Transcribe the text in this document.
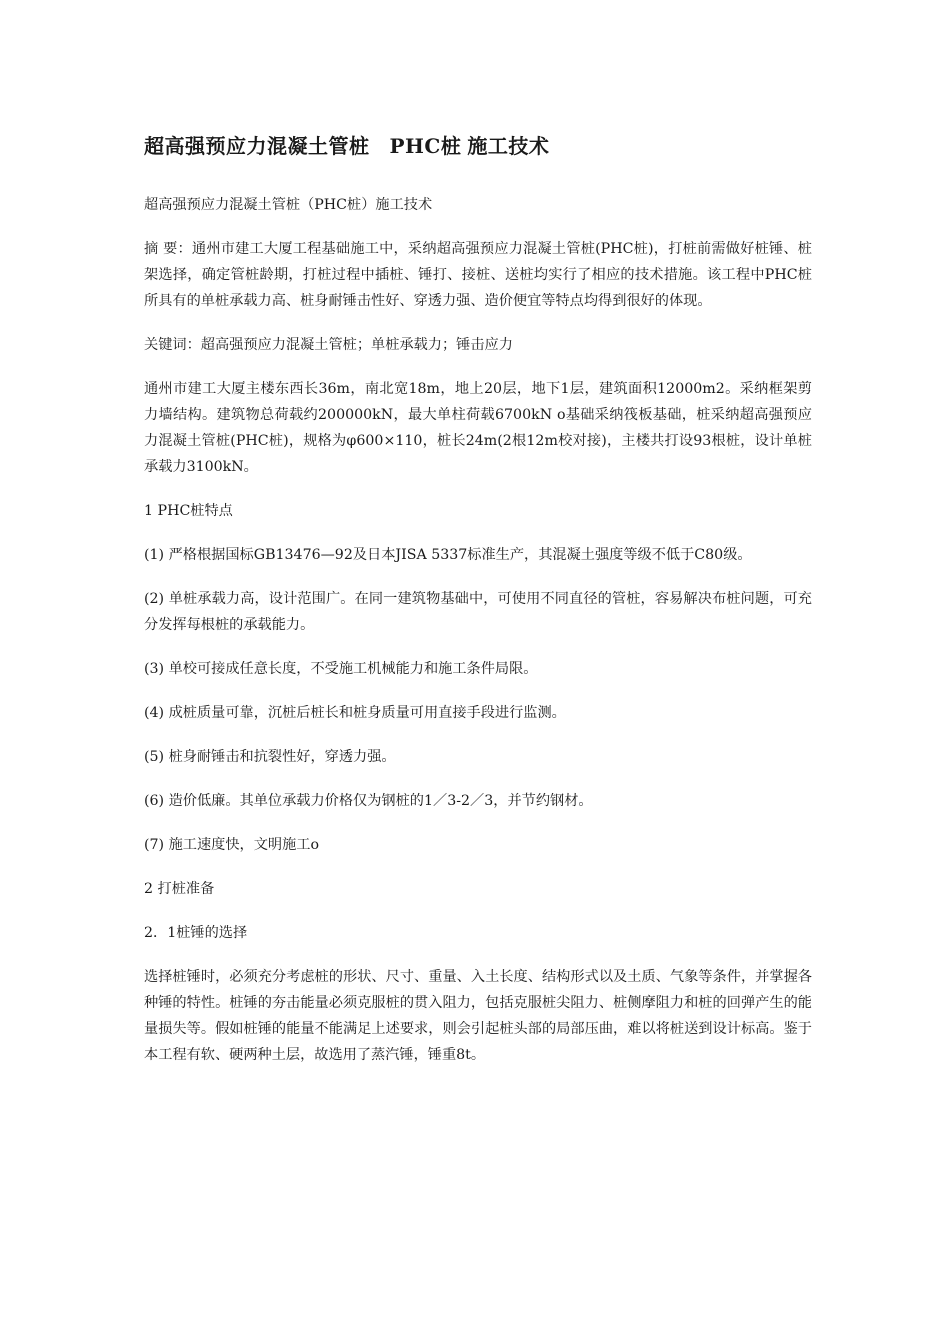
超高强预应力混凝土管桩 PHC桩 施工技术

超高强预应力混凝土管桩（PHC桩）施工技术

摘 要：通州市建工大厦工程基础施工中，采纳超高强预应力混凝土管桩(PHC桩)，打桩前需做好桩锤、桩架选择，确定管桩龄期，打桩过程中插桩、锤打、接桩、送桩均实行了相应的技术措施。该工程中PHC桩所具有的单桩承载力高、桩身耐锤击性好、穿透力强、造价便宜等特点均得到很好的体现。

关键词：超高强预应力混凝土管桩；单桩承载力；锤击应力

通州市建工大厦主楼东西长36m，南北宽18m，地上20层，地下1层，建筑面积12000m2。采纳框架剪力墙结构。建筑物总荷载约200000kN，最大单柱荷载6700kN o基础采纳筏板基础，桩采纳超高强预应力混凝土管桩(PHC桩)，规格为φ600×110，桩长24m(2根12m校对接)，主楼共打设93根桩，设计单桩承载力3100kN。

1 PHC桩特点

(1) 严格根据国标GB13476—92及日本JISA 5337标准生产，其混凝土强度等级不低于C80级。

(2) 单桩承载力高，设计范围广。在同一建筑物基础中，可使用不同直径的管桩，容易解决布桩问题，可充分发挥每根桩的承载能力。

(3) 单校可接成任意长度，不受施工机械能力和施工条件局限。

(4) 成桩质量可靠，沉桩后桩长和桩身质量可用直接手段进行监测。

(5) 桩身耐锤击和抗裂性好，穿透力强。

(6) 造价低廉。其单位承载力价格仅为钢桩的1／3-2／3，并节约钢材。

(7) 施工速度快，文明施工o

2 打桩准备

2．1桩锤的选择

选择桩锤时，必须充分考虑桩的形状、尺寸、重量、入土长度、结构形式以及土质、气象等条件，并掌握各种锤的特性。桩锤的夯击能量必须克服桩的贯入阻力，包括克服桩尖阻力、桩侧摩阻力和桩的回弹产生的能量损失等。假如桩锤的能量不能满足上述要求，则会引起桩头部的局部压曲，难以将桩送到设计标高。鉴于本工程有软、硬两种土层，故选用了蒸汽锤，锤重8t。
